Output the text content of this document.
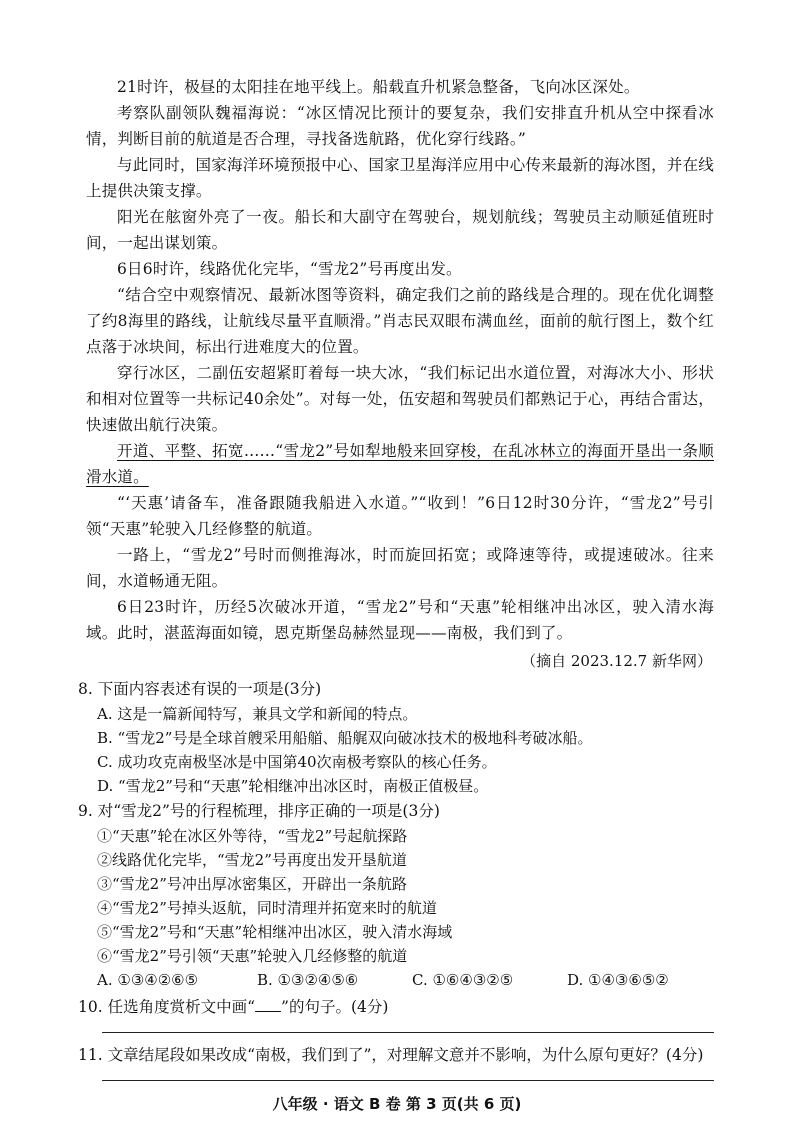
21时许，极昼的太阳挂在地平线上。船载直升机紧急整备，飞向冰区深处。

考察队副领队魏福海说：“冰区情况比预计的要复杂，我们安排直升机从空中探看冰情，判断目前的航道是否合理，寻找备选航路，优化穿行线路。”

与此同时，国家海洋环境预报中心、国家卫星海洋应用中心传来最新的海冰图，并在线上提供决策支撑。

阳光在舷窗外亮了一夜。船长和大副守在驾驶台，规划航线；驾驶员主动顺延值班时间，一起出谋划策。

6日6时许，线路优化完毕，“雪龙2”号再度出发。

“结合空中观察情况、最新冰图等资料，确定我们之前的路线是合理的。现在优化调整了约8海里的路线，让航线尽量平直顺滑。”肖志民双眼布满血丝，面前的航行图上，数个红点落于冰块间，标出行进难度大的位置。

穿行冰区，二副伍安超紧盯着每一块大冰，“我们标记出水道位置，对海冰大小、形状和相对位置等一共标记40余处”。对每一处，伍安超和驾驶员们都熟记于心，再结合雷达，快速做出航行决策。

开道、平整、拓宽……“雪龙2”号如犁地般来回穿梭，在乱冰林立的海面开垦出一条顺滑水道。

“‘天惠’请备车，准备跟随我船进入水道。”“收到！”6日12时30分许，“雪龙2”号引领“天惠”轮驶入几经修整的航道。

一路上，“雪龙2”号时而侧推海冰，时而旋回拓宽；或降速等待，或提速破冰。往来间，水道畅通无阻。

6日23时许，历经5次破冰开道，“雪龙2”号和“天惠”轮相继冲出冰区，驶入清水海域。 此时，湛蓝海面如镜，恩克斯堡岛赫然显现——南极，我们到了。

（摘自 2023.12.7 新华网）

8. 下面内容表述有误的一项是(3分)

A. 这是一篇新闻特写，兼具文学和新闻的特点。

B. “雪龙2”号是全球首艘采用船艏、船艉双向破冰技术的极地科考破冰船。

C. 成功攻克南极坚冰是中国第40次南极考察队的核心任务。

D. “雪龙2”号和“天惠”轮相继冲出冰区时，南极正值极昼。

9. 对“雪龙2”号的行程梳理，排序正确的一项是(3分)

①“天惠”轮在冰区外等待，“雪龙2”号起航探路

②线路优化完毕，“雪龙2”号再度出发开垦航道

③“雪龙2”号冲出厚冰密集区，开辟出一条航路

④“雪龙2”号掉头返航，同时清理并拓宽来时的航道

⑤“雪龙2”号和“天惠”轮相继冲出冰区，驶入清水海域

⑥“雪龙2”号引领“天惠”轮驶入几经修整的航道

A. ①③④②⑥⑤	B. ①③②④⑤⑥	C. ①⑥④③②⑤	D. ①④③⑥⑤②

10. 任选角度赏析文中画“ ”的句子。(4分)

11. 文章结尾段如果改成“南极，我们到了”，对理解文意并不影响，为什么原句更好？(4分)

八年级 · 语文 B 卷 第 3 页(共 6 页)
